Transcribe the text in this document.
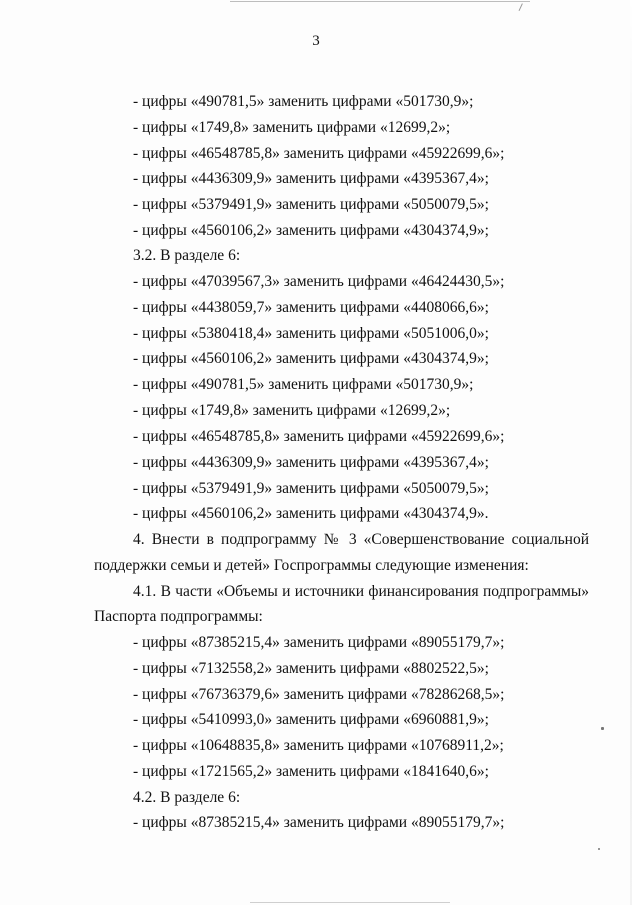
3
- цифры «490781,5» заменить цифрами «501730,9»;
- цифры «1749,8» заменить цифрами «12699,2»;
- цифры «46548785,8» заменить цифрами «45922699,6»;
- цифры «4436309,9» заменить цифрами «4395367,4»;
- цифры «5379491,9» заменить цифрами «5050079,5»;
- цифры «4560106,2» заменить цифрами «4304374,9»;
3.2. В разделе 6:
- цифры «47039567,3» заменить цифрами «46424430,5»;
- цифры «4438059,7» заменить цифрами «4408066,6»;
- цифры «5380418,4» заменить цифрами «5051006,0»;
- цифры «4560106,2» заменить цифрами «4304374,9»;
- цифры «490781,5» заменить цифрами «501730,9»;
- цифры «1749,8» заменить цифрами «12699,2»;
- цифры «46548785,8» заменить цифрами «45922699,6»;
- цифры «4436309,9» заменить цифрами «4395367,4»;
- цифры «5379491,9» заменить цифрами «5050079,5»;
- цифры «4560106,2» заменить цифрами «4304374,9».
4. Внести в подпрограмму № 3 «Совершенствование социальной
поддержки семьи и детей» Госпрограммы следующие изменения:
4.1. В части «Объемы и источники финансирования подпрограммы»
Паспорта подпрограммы:
- цифры «87385215,4» заменить цифрами «89055179,7»;
- цифры «7132558,2» заменить цифрами «8802522,5»;
- цифры «76736379,6» заменить цифрами «78286268,5»;
- цифры «5410993,0» заменить цифрами «6960881,9»;
- цифры «10648835,8» заменить цифрами «10768911,2»;
- цифры «1721565,2» заменить цифрами «1841640,6»;
4.2. В разделе 6:
- цифры «87385215,4» заменить цифрами «89055179,7»;
